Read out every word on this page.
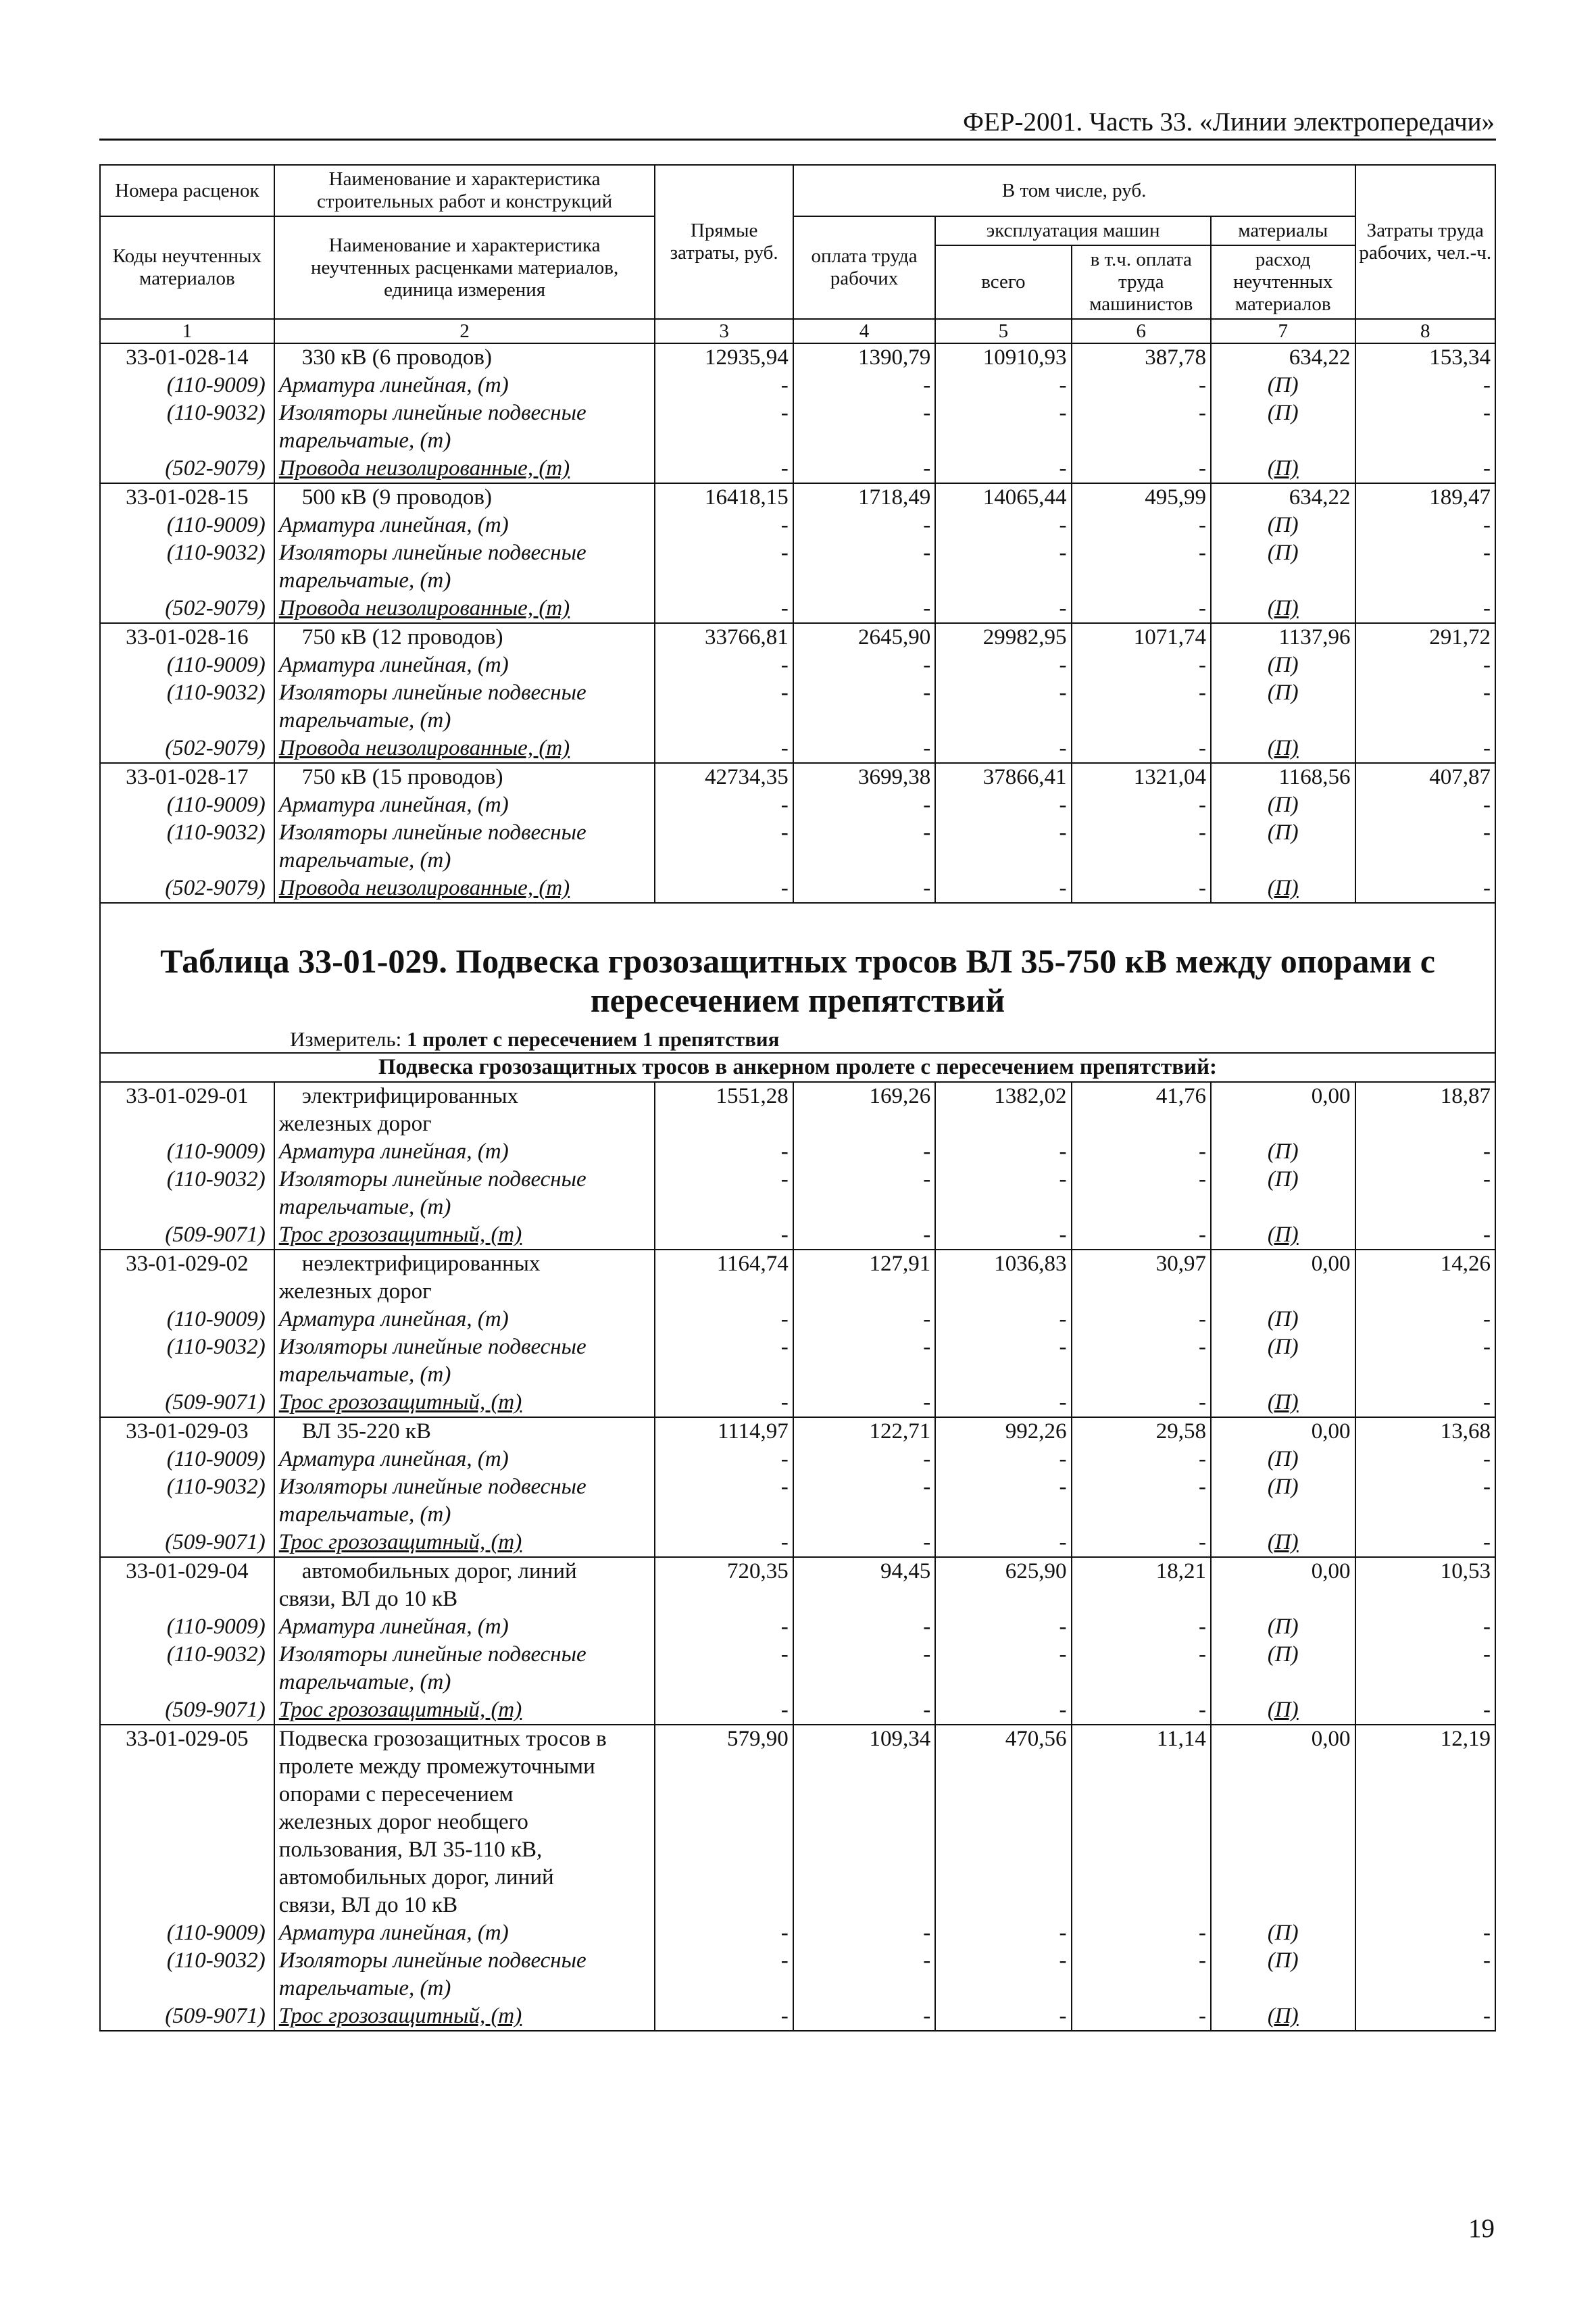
ФЕР-2001. Часть 33. «Линии электропередачи»
Номера расценок	Наименование и характеристика строительных работ и конструкций	Прямые затраты, руб.	В том числе, руб.				Затраты труда рабочих, чел.-ч.
Коды неучтенных материалов	Наименование и характеристика неучтенных расценками материалов, единица измерения		оплата труда рабочих	эксплуатация машин		материалы	
				всего	в т.ч. оплата труда машинистов	расход неучтенных материалов	
1	2	3	4	5	6	7	8
33-01-028-14	330 кВ (6 проводов)	12935,94	1390,79	10910,93	387,78	634,22	153,34
(110-9009)	Арматура линейная, (т)	-	-	-	-	(П)	-
(110-9032)	Изоляторы линейные подвесные	-	-	-	-	(П)	-
	тарельчатые, (т)						
(502-9079)	Провода неизолированные, (т)	-	-	-	-	(П)	-
33-01-028-15	500 кВ (9 проводов)	16418,15	1718,49	14065,44	495,99	634,22	189,47
(110-9009)	Арматура линейная, (т)	-	-	-	-	(П)	-
(110-9032)	Изоляторы линейные подвесные	-	-	-	-	(П)	-
	тарельчатые, (т)						
(502-9079)	Провода неизолированные, (т)	-	-	-	-	(П)	-
33-01-028-16	750 кВ (12 проводов)	33766,81	2645,90	29982,95	1071,74	1137,96	291,72
(110-9009)	Арматура линейная, (т)	-	-	-	-	(П)	-
(110-9032)	Изоляторы линейные подвесные	-	-	-	-	(П)	-
	тарельчатые, (т)						
(502-9079)	Провода неизолированные, (т)	-	-	-	-	(П)	-
33-01-028-17	750 кВ (15 проводов)	42734,35	3699,38	37866,41	1321,04	1168,56	407,87
(110-9009)	Арматура линейная, (т)	-	-	-	-	(П)	-
(110-9032)	Изоляторы линейные подвесные	-	-	-	-	(П)	-
	тарельчатые, (т)						
(502-9079)	Провода неизолированные, (т)	-	-	-	-	(П)	-

Таблица 33-01-029. Подвеска грозозащитных тросов ВЛ 35-750 кВ между опорами с
пересечением препятствий
Измеритель: 1 пролет с пересечением 1 препятствия							

Подвеска грозозащитных тросов в анкерном пролете с пересечением препятствий:							
33-01-029-01	электрифицированных	1551,28	169,26	1382,02	41,76	0,00	18,87
	железных дорог						
(110-9009)	Арматура линейная, (т)	-	-	-	-	(П)	-
(110-9032)	Изоляторы линейные подвесные	-	-	-	-	(П)	-
	тарельчатые, (т)						
(509-9071)	Трос грозозащитный, (т)	-	-	-	-	(П)	-
33-01-029-02	неэлектрифицированных	1164,74	127,91	1036,83	30,97	0,00	14,26
	железных дорог						
(110-9009)	Арматура линейная, (т)	-	-	-	-	(П)	-
(110-9032)	Изоляторы линейные подвесные	-	-	-	-	(П)	-
	тарельчатые, (т)						
(509-9071)	Трос грозозащитный, (т)	-	-	-	-	(П)	-
33-01-029-03	ВЛ 35-220 кВ	1114,97	122,71	992,26	29,58	0,00	13,68
(110-9009)	Арматура линейная, (т)	-	-	-	-	(П)	-
(110-9032)	Изоляторы линейные подвесные	-	-	-	-	(П)	-
	тарельчатые, (т)						
(509-9071)	Трос грозозащитный, (т)	-	-	-	-	(П)	-
33-01-029-04	автомобильных дорог, линий	720,35	94,45	625,90	18,21	0,00	10,53
	связи, ВЛ до 10 кВ						
(110-9009)	Арматура линейная, (т)	-	-	-	-	(П)	-
(110-9032)	Изоляторы линейные подвесные	-	-	-	-	(П)	-
	тарельчатые, (т)						
(509-9071)	Трос грозозащитный, (т)	-	-	-	-	(П)	-
33-01-029-05	Подвеска грозозащитных тросов в	579,90	109,34	470,56	11,14	0,00	12,19
	пролете между промежуточными						
	опорами с пересечением						
	железных дорог необщего						
	пользования, ВЛ 35-110 кВ,						
	автомобильных дорог, линий						
	связи, ВЛ до 10 кВ						
(110-9009)	Арматура линейная, (т)	-	-	-	-	(П)	-
(110-9032)	Изоляторы линейные подвесные	-	-	-	-	(П)	-
	тарельчатые, (т)						
(509-9071)	Трос грозозащитный, (т)	-	-	-	-	(П)	-
19
